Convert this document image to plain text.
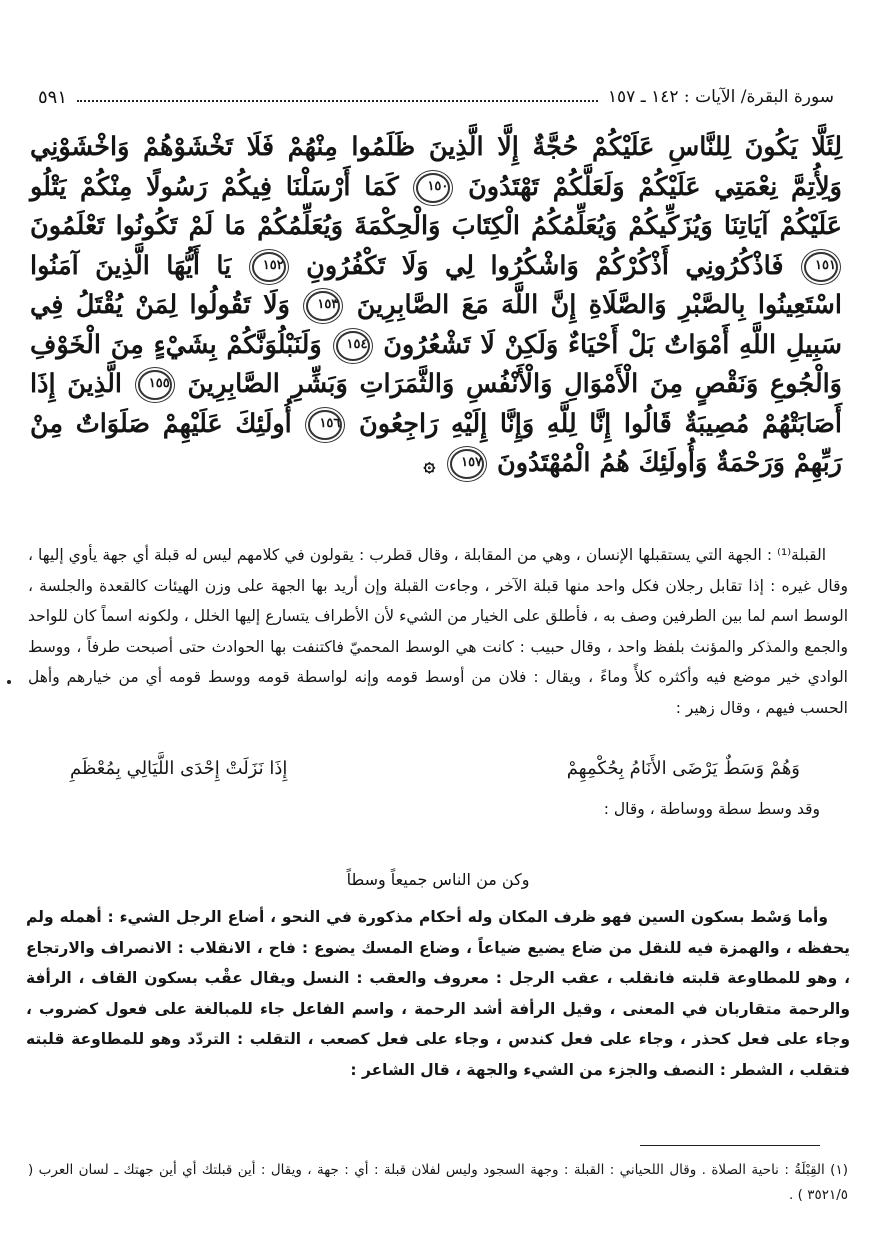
سورة البقرة/ الآيات : ١٤٢ ـ ١٥٧
٥٩١
لِئَلَّا يَكُونَ لِلنَّاسِ عَلَيْكُمْ حُجَّةٌ إِلَّا الَّذِينَ ظَلَمُوا مِنْهُمْ فَلَا تَخْشَوْهُمْ وَاخْشَوْنِي وَلِأُتِمَّ نِعْمَتِي عَلَيْكُمْ وَلَعَلَّكُمْ تَهْتَدُونَ ١٥٠ كَمَا أَرْسَلْنَا فِيكُمْ رَسُولًا مِنْكُمْ يَتْلُو عَلَيْكُمْ آيَاتِنَا وَيُزَكِّيكُمْ وَيُعَلِّمُكُمُ الْكِتَابَ وَالْحِكْمَةَ وَيُعَلِّمُكُمْ مَا لَمْ تَكُونُوا تَعْلَمُونَ ١٥١ فَاذْكُرُونِي أَذْكُرْكُمْ وَاشْكُرُوا لِي وَلَا تَكْفُرُونِ ١٥٢ يَا أَيُّهَا الَّذِينَ آمَنُوا اسْتَعِينُوا بِالصَّبْرِ وَالصَّلَاةِ إِنَّ اللَّهَ مَعَ الصَّابِرِينَ ١٥٣ وَلَا تَقُولُوا لِمَنْ يُقْتَلُ فِي سَبِيلِ اللَّهِ أَمْوَاتٌ بَلْ أَحْيَاءٌ وَلَكِنْ لَا تَشْعُرُونَ ١٥٤ وَلَنَبْلُوَنَّكُمْ بِشَيْءٍ مِنَ الْخَوْفِ وَالْجُوعِ وَنَقْصٍ مِنَ الْأَمْوَالِ وَالْأَنْفُسِ وَالثَّمَرَاتِ وَبَشِّرِ الصَّابِرِينَ ١٥٥ الَّذِينَ إِذَا أَصَابَتْهُمْ مُصِيبَةٌ قَالُوا إِنَّا لِلَّهِ وَإِنَّا إِلَيْهِ رَاجِعُونَ ١٥٦ أُولَئِكَ عَلَيْهِمْ صَلَوَاتٌ مِنْ رَبِّهِمْ وَرَحْمَةٌ وَأُولَئِكَ هُمُ الْمُهْتَدُونَ ١٥٧ ۞

القبلة⁽¹⁾ : الجهة التي يستقبلها الإنسان ، وهي من المقابلة ، وقال قطرب : يقولون في كلامهم ليس له قبلة أي جهة يأوي إليها ، وقال غيره : إذا تقابل رجلان فكل واحد منها قبلة الآخر ، وجاءت القبلة وإن أريد بها الجهة على وزن الهيئات كالقعدة والجلسة ، الوسط اسم لما بين الطرفين وصف به ، فأطلق على الخيار من الشيء لأن الأطراف يتسارع إليها الخلل ، ولكونه اسماً كان للواحد والجمع والمذكر والمؤنث بلفظ واحد ، وقال حبيب : كانت هي الوسط المحميّ فاكتنفت بها الحوادث حتى أصبحت طرفاً ، ووسط الوادي خير موضع فيه وأكثره كلأً وماءً ، ويقال : فلان من أوسط قومه وإنه لواسطة قومه ووسط قومه أي من خيارهم وأهل الحسب فيهم ، وقال زهير :

وَهُمْ وَسَطٌ يَرْضَى الأَنَامُ بِحُكْمِهِمْ
إِذَا نَزَلَتْ إِحْدَى اللَّيَالِي بِمُعْظَمِ
وقد وسط سطة ووساطة ، وقال :
وكن من الناس جميعاً وسطاً

وأما وَسْط بسكون السين فهو ظرف المكان وله أحكام مذكورة في النحو ، أضاع الرجل الشيء : أهمله ولم يحفظه ، والهمزة فيه للنقل من ضاع يضيع ضياعاً ، وضاع المسك يضوع : فاح ، الانقلاب : الانصراف والارتجاع ، وهو للمطاوعة قلبته فانقلب ، عقب الرجل : معروف والعقب : النسل ويقال عقْب بسكون القاف ، الرأفة والرحمة متقاربان في المعنى ، وقيل الرأفة أشد الرحمة ، واسم الفاعل جاء للمبالغة على فعول كضروب ، وجاء على فعل كحذر ، وجاء على فعل كندس ، وجاء على فعل كصعب ، التقلب : التردّد وهو للمطاوعة قلبته فتقلب ، الشطر : النصف والجزء من الشيء والجهة ، قال الشاعر :

(١) القِبْلَةُ : ناحية الصلاة . وقال اللحياني : القبلة : وجهة السجود وليس لفلان قبلة : أي : جهة ، ويقال : أين قبلتك أي أين جهتك ـ لسان العرب ( ٣٥٢١/٥ ) .
